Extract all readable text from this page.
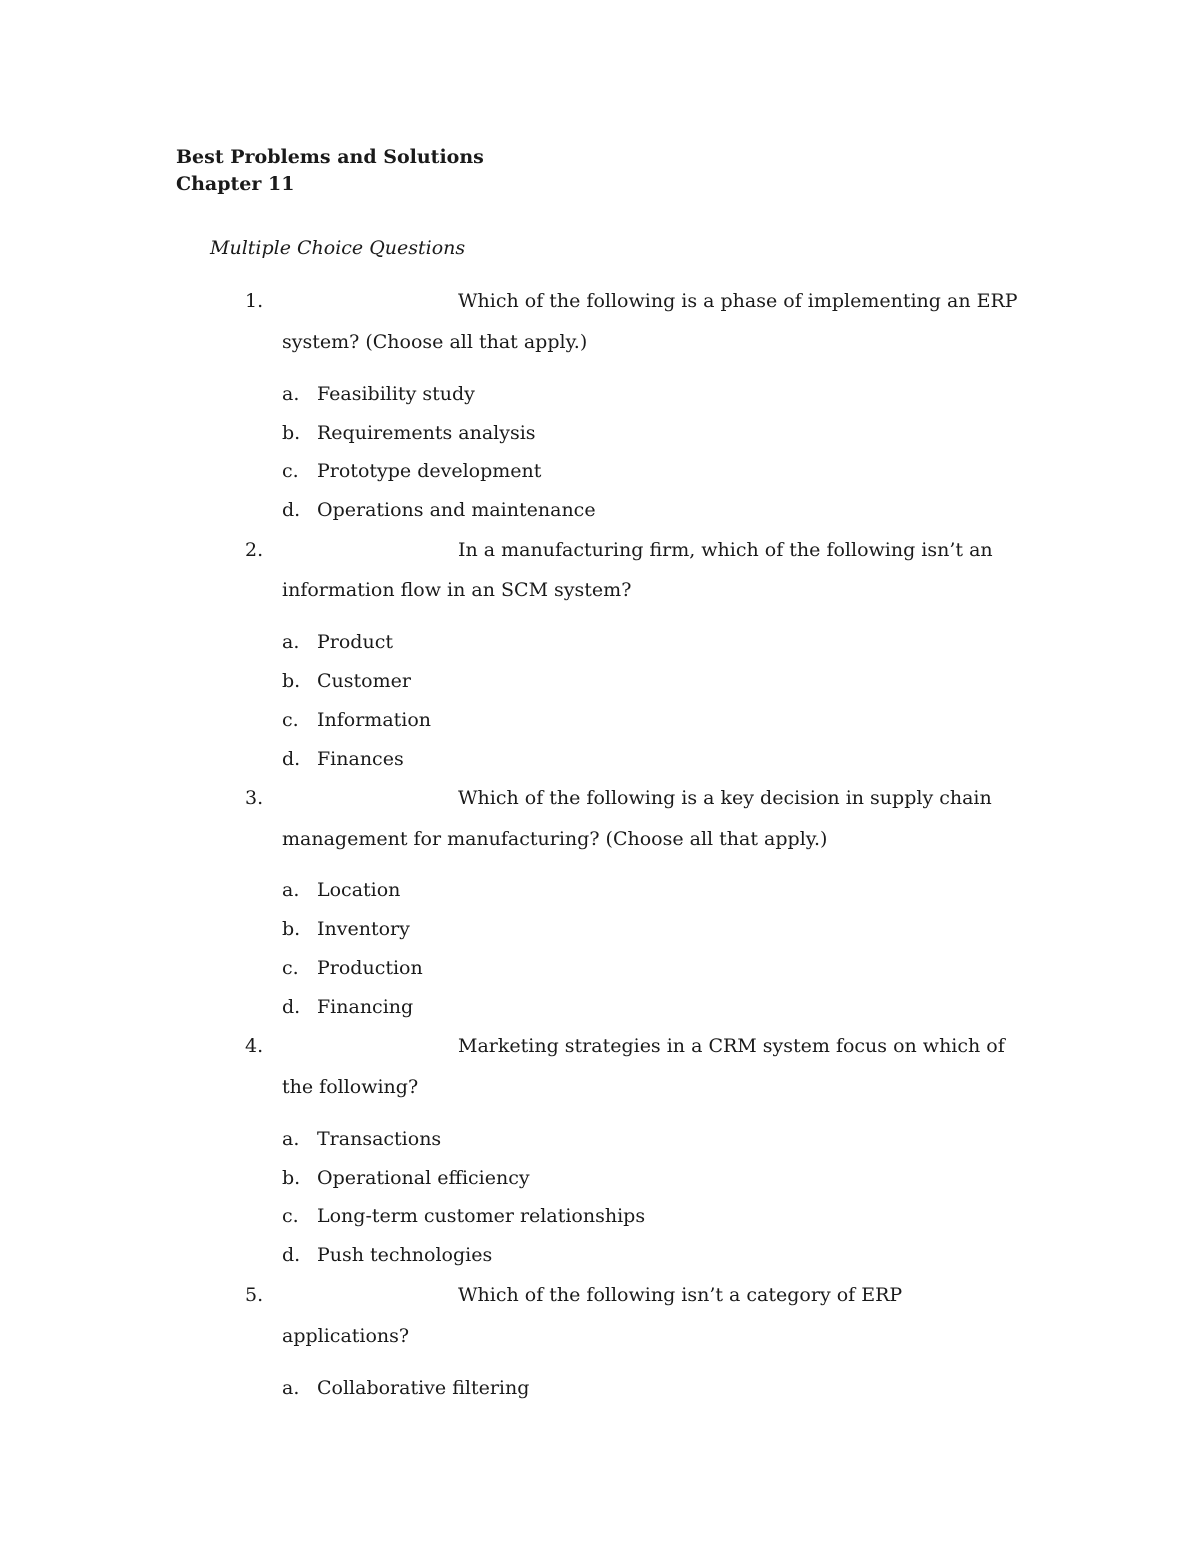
Best Problems and Solutions
Chapter 11
Multiple Choice Questions
1.	Which of the following is a phase of implementing an ERP
system? (Choose all that apply.)
a. Feasibility study
b. Requirements analysis
c. Prototype development
d. Operations and maintenance
2.	In a manufacturing firm, which of the following isn’t an
information flow in an SCM system?
a. Product
b. Customer
c. Information
d. Finances
3.	Which of the following is a key decision in supply chain
management for manufacturing? (Choose all that apply.)
a. Location
b. Inventory
c. Production
d. Financing
4.	Marketing strategies in a CRM system focus on which of
the following?
a. Transactions
b. Operational efficiency
c. Long-term customer relationships
d. Push technologies
5.	Which of the following isn’t a category of ERP
applications?
a. Collaborative filtering
